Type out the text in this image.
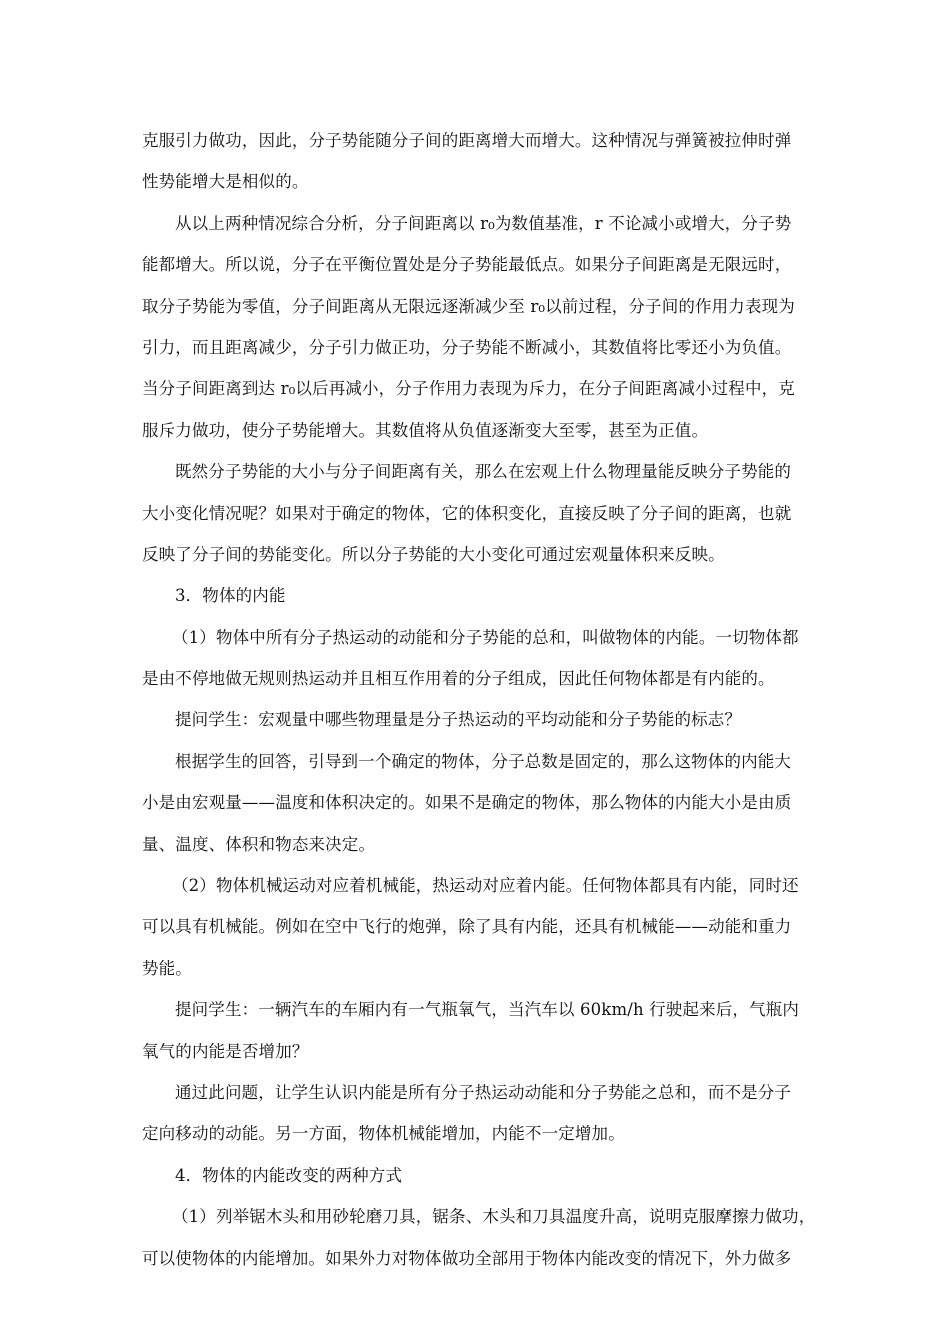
克服引力做功，因此，分子势能随分子间的距离增大而增大。这种情况与弹簧被拉伸时弹
性势能增大是相似的。
从以上两种情况综合分析，分子间距离以 r₀为数值基准，r 不论减小或增大，分子势
能都增大。所以说，分子在平衡位置处是分子势能最低点。如果分子间距离是无限远时，
取分子势能为零值，分子间距离从无限远逐渐减少至 r₀以前过程，分子间的作用力表现为
引力，而且距离减少，分子引力做正功，分子势能不断减小，其数值将比零还小为负值。
当分子间距离到达 r₀以后再减小，分子作用力表现为斥力，在分子间距离减小过程中，克
服斥力做功，使分子势能增大。其数值将从负值逐渐变大至零，甚至为正值。
既然分子势能的大小与分子间距离有关，那么在宏观上什么物理量能反映分子势能的
大小变化情况呢？如果对于确定的物体，它的体积变化，直接反映了分子间的距离，也就
反映了分子间的势能变化。所以分子势能的大小变化可通过宏观量体积来反映。
3．物体的内能
（1）物体中所有分子热运动的动能和分子势能的总和，叫做物体的内能。一切物体都
是由不停地做无规则热运动并且相互作用着的分子组成，因此任何物体都是有内能的。
提问学生：宏观量中哪些物理量是分子热运动的平均动能和分子势能的标志？
根据学生的回答，引导到一个确定的物体，分子总数是固定的，那么这物体的内能大
小是由宏观量——温度和体积决定的。如果不是确定的物体，那么物体的内能大小是由质
量、温度、体积和物态来决定。
（2）物体机械运动对应着机械能，热运动对应着内能。任何物体都具有内能，同时还
可以具有机械能。例如在空中飞行的炮弹，除了具有内能，还具有机械能——动能和重力
势能。
提问学生：一辆汽车的车厢内有一气瓶氧气，当汽车以 60km/h 行驶起来后，气瓶内
氧气的内能是否增加？
通过此问题，让学生认识内能是所有分子热运动动能和分子势能之总和，而不是分子
定向移动的动能。另一方面，物体机械能增加，内能不一定增加。
4．物体的内能改变的两种方式
（1）列举锯木头和用砂轮磨刀具，锯条、木头和刀具温度升高，说明克服摩擦力做功，
可以使物体的内能增加。如果外力对物体做功全部用于物体内能改变的情况下，外力做多
